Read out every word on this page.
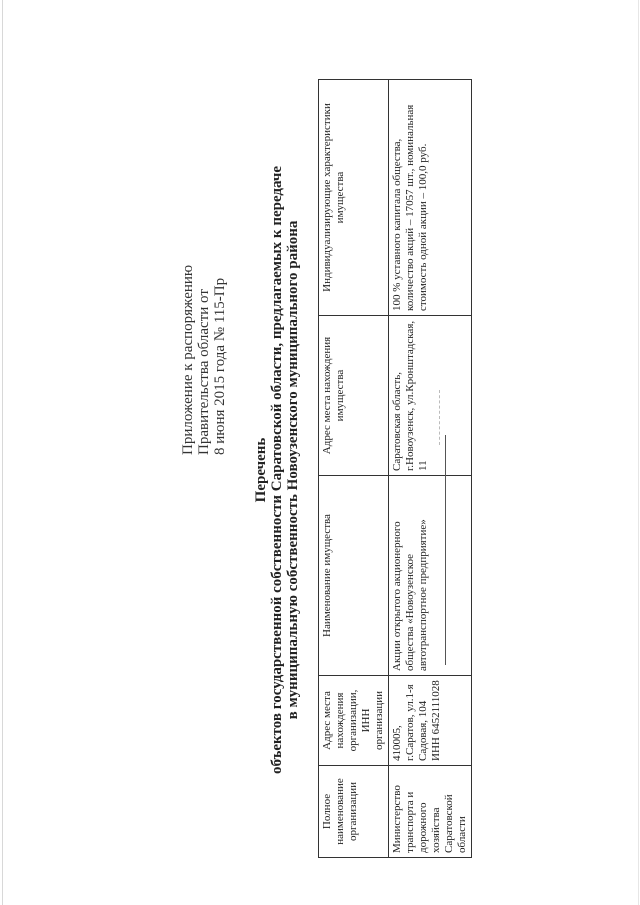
Приложение к распоряжению Правительства области от 8 июня 2015 года № 115-Пр
Перечень объектов государственной собственности Саратовской области, предлагаемых к передаче в муниципальную собственность Новоузенского муниципального района
Полное наименование организации	Адрес места нахождения организации, ИНН организации	Наименование имущества	Адрес места нахождения имущества	Индивидуализирующие характеристики имущества
Министерство транспорта и дорожного хозяйства Саратовской области	410005, г.Саратов, ул.1-я Садовая, 104 ИНН 6452111028	Акции открытого акционерного общества «Новоузенское автотранспортное предприятие»	Саратовская область, г.Новоузенск, ул.Кронштадская, 11	100 % уставного капитала общества, количество акций – 17057 шт., номинальная стоимость одной акции – 100,0 руб.
